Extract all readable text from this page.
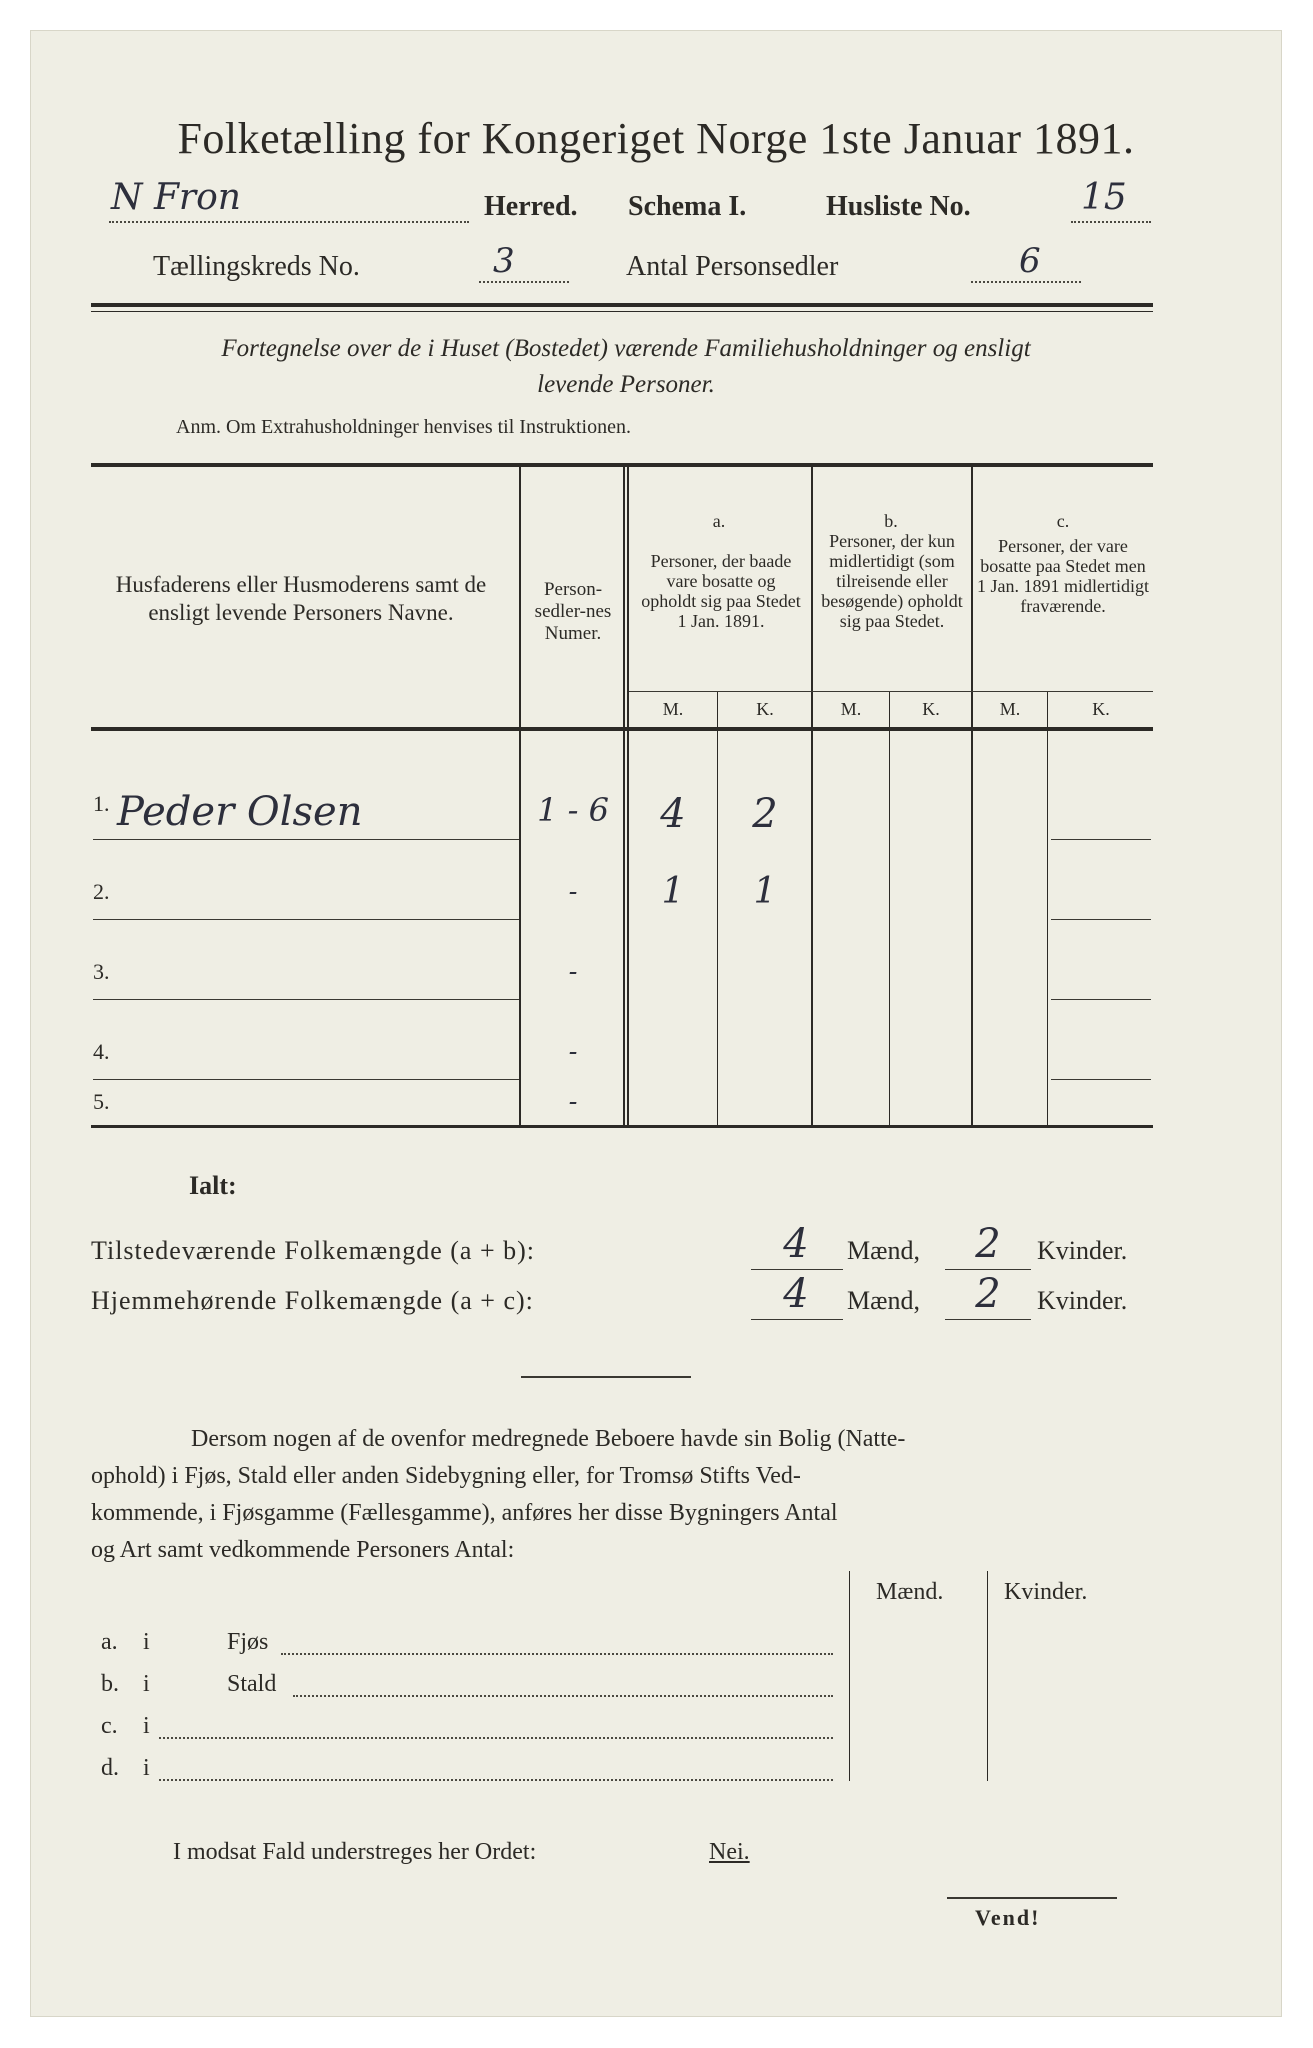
Folketælling for Kongeriget Norge 1ste Januar 1891.
N Fron	Herred. Schema I.	Husliste No.	15
Tællingskreds No.	3	Antal Personsedler	6
Fortegnelse over de i Huset (Bostedet) værende Familiehusholdninger og ensligt
levende Personer.
Anm. Om Extrahusholdninger henvises til Instruktionen.
Husfaderens eller Husmoderens samt de ensligt levende Personers Navne.
Person-sedler-nes Numer.
a.
Personer, der baade vare bosatte og opholdt sig paa Stedet 1 Jan. 1891.
b.
Personer, der kun midlertidigt (som tilreisende eller besøgende) opholdt sig paa Stedet.
c.
Personer, der vare bosatte paa Stedet men 1 Jan. 1891 midlertidigt fraværende.
M.	K.	M.	K.	M.	K.
1. Peder Olsen	1 - 6	4	2
2.	-	1	1
3.	-
4.	-
5.	-
Ialt:
Tilstedeværende Folkemængde (a + b):	4	Mænd,	2	Kvinder.
Hjemmehørende Folkemængde (a + c):	4	Mænd,	2	Kvinder.
Dersom nogen af de ovenfor medregnede Beboere havde sin Bolig (Natte-
ophold) i Fjøs, Stald eller anden Sidebygning eller, for Tromsø Stifts Ved-
kommende, i Fjøsgamme (Fællesgamme), anføres her disse Bygningers Antal
og Art samt vedkommende Personers Antal:
Mænd.	Kvinder.
a. i	Fjøs
b. i	Stald
c. i
d. i
I modsat Fald understreges her Ordet:	Nei.
Vend!
